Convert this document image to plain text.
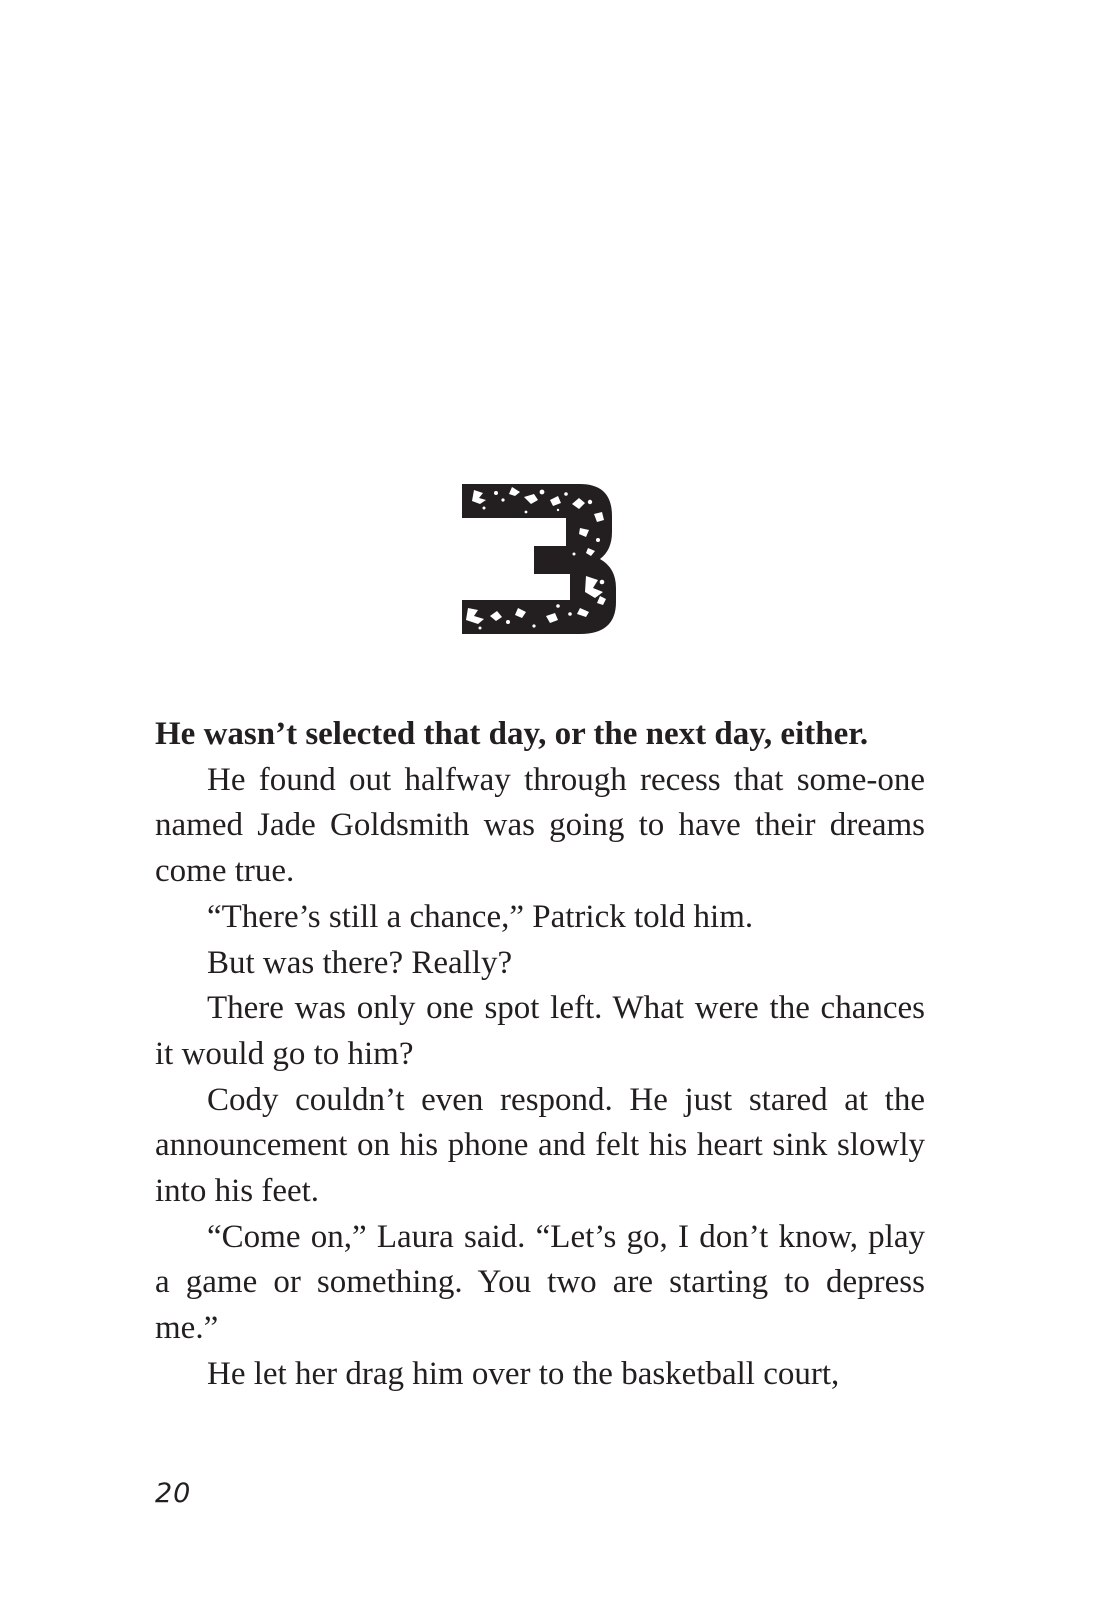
He wasn’t selected that day, or the next day, either.

He found out halfway through recess that some-one named Jade Goldsmith was going to have their dreams come true.

“There’s still a chance,” Patrick told him.

But was there? Really?

There was only one spot left. What were the chances it would go to him?

Cody couldn’t even respond. He just stared at the announcement on his phone and felt his heart sink slowly into his feet.

“Come on,” Laura said. “Let’s go, I don’t know, play a game or something. You two are starting to depress me.”

He let her drag him over to the basketball court,

20
